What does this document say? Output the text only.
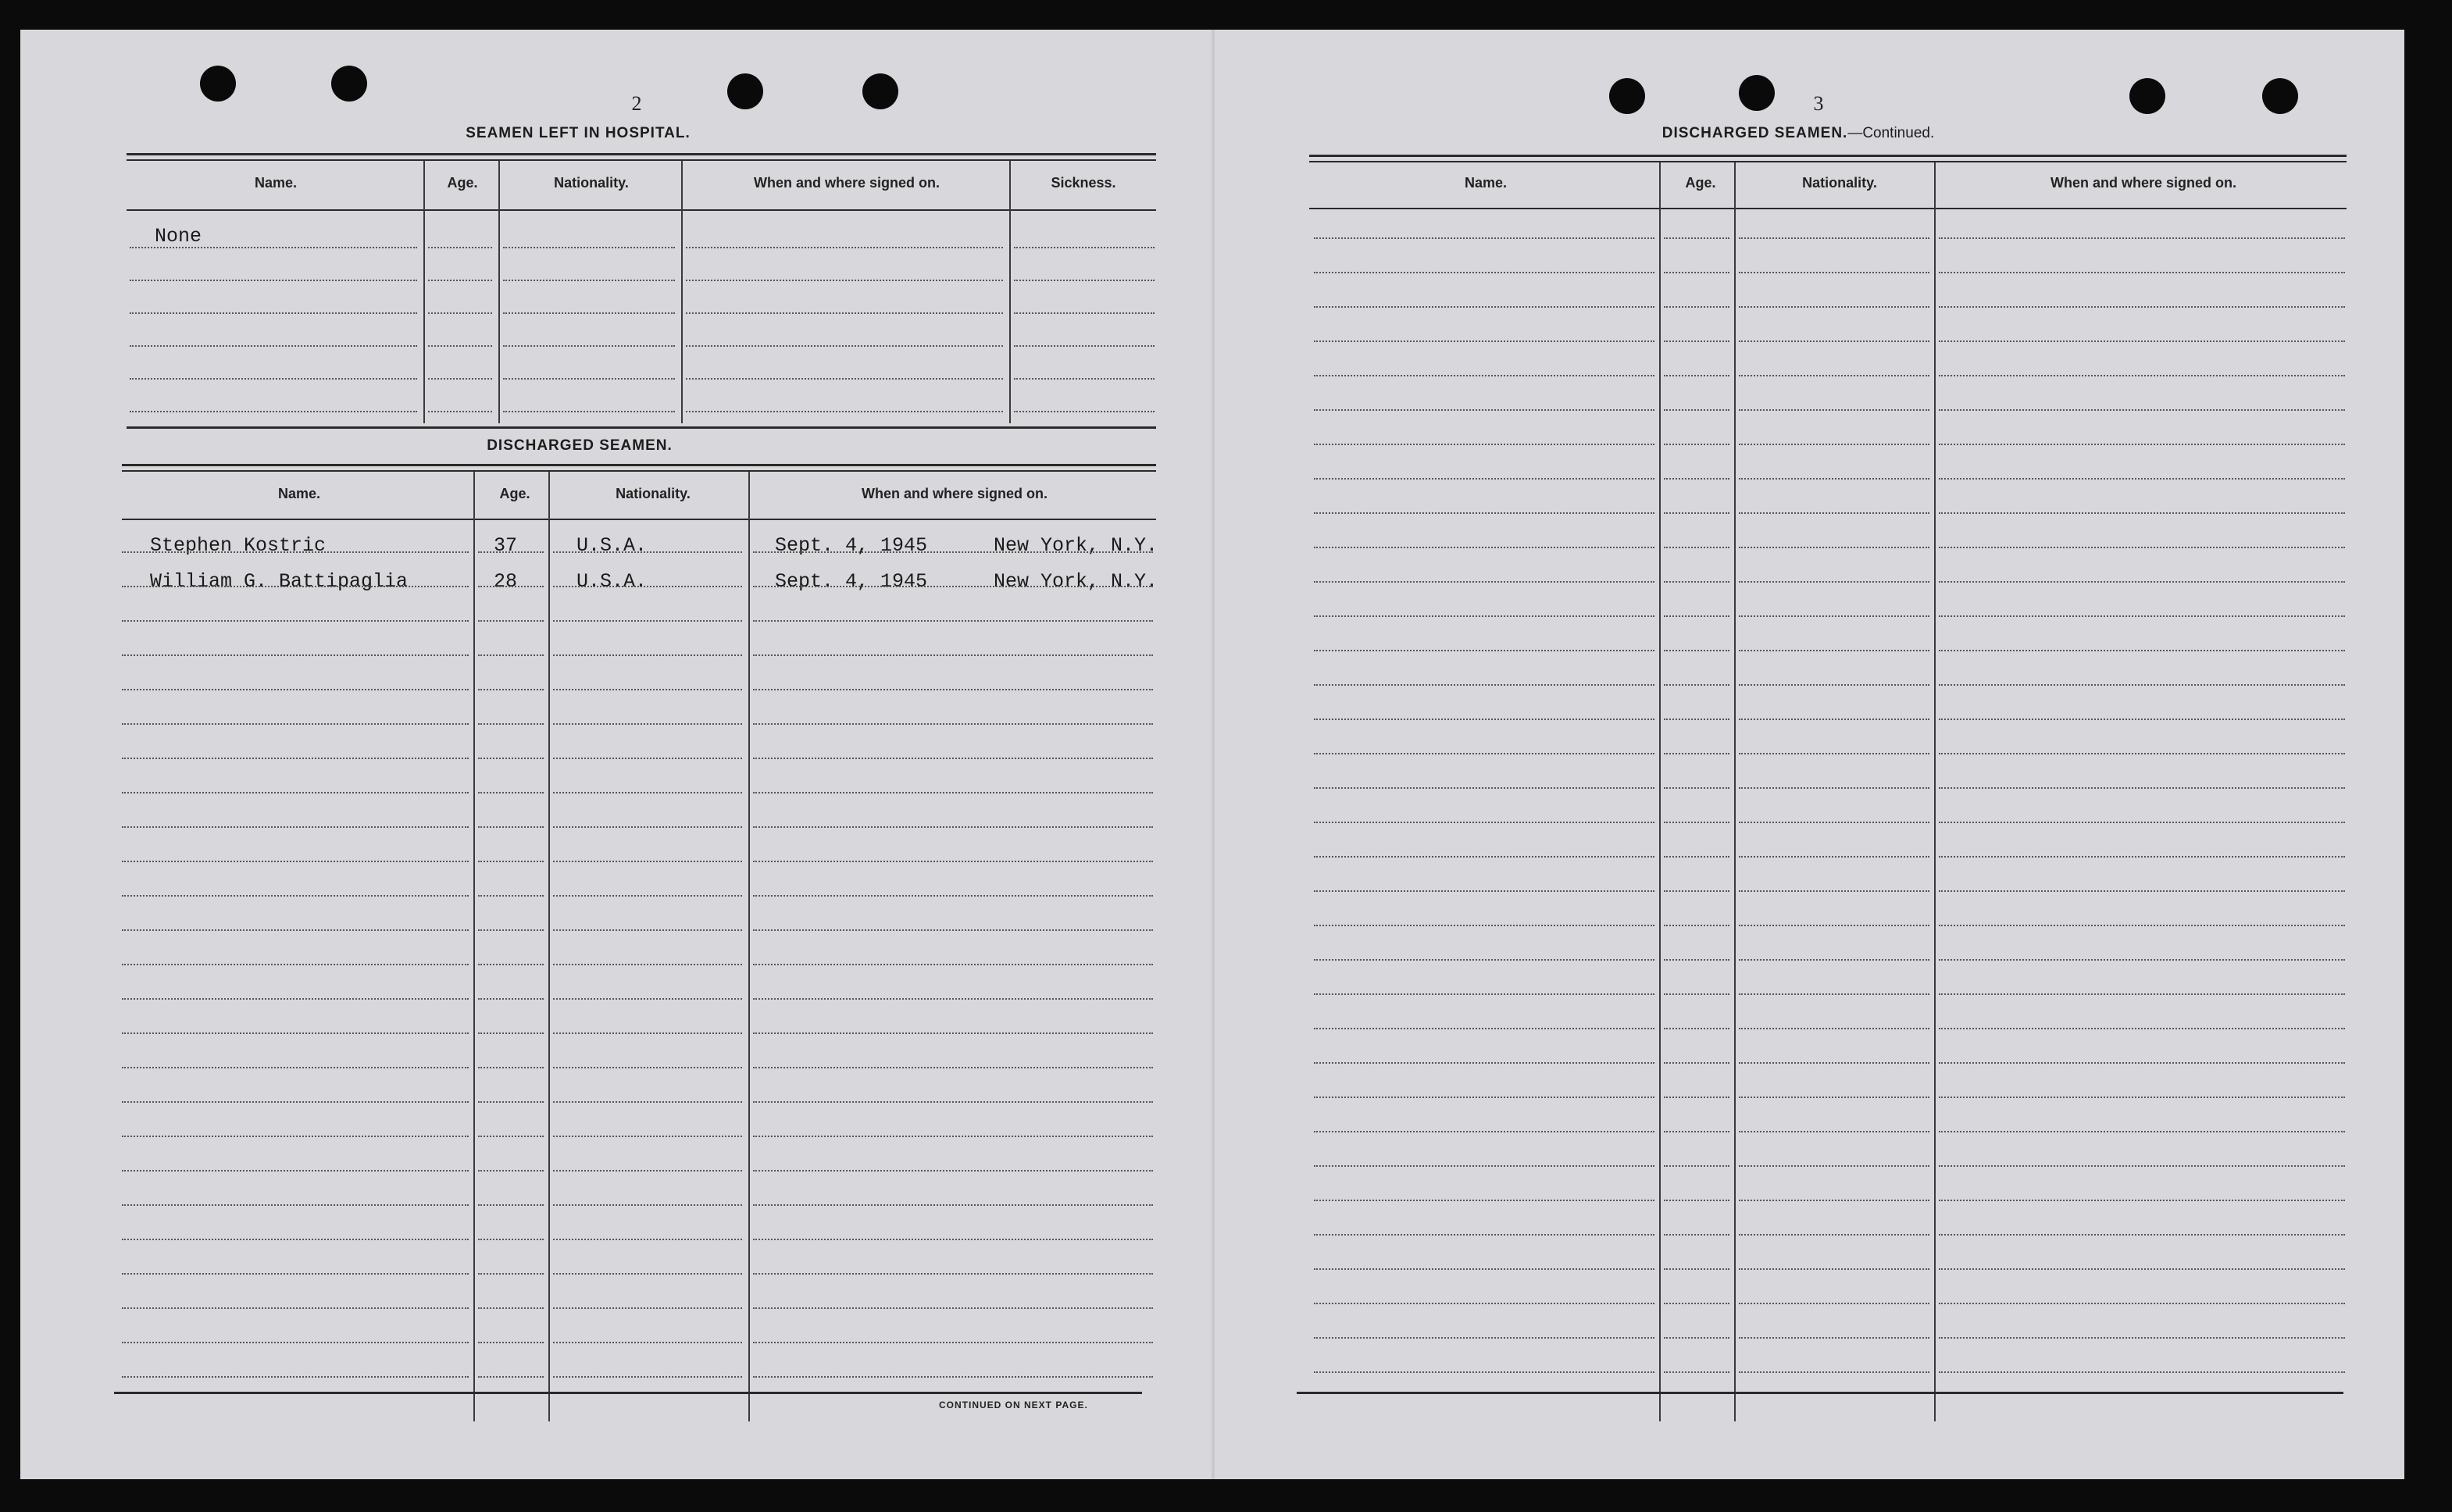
2
SEAMEN LEFT IN HOSPITAL.
Name.	Age.	Nationality.	When and where signed on.	Sickness.
None
DISCHARGED SEAMEN.
Name.	Age.	Nationality.	When and where signed on.
Stephen Kostric	37	U.S.A.	Sept. 4, 1945	New York, N.Y.
William G. Battipaglia	28	U.S.A.	Sept. 4, 1945	New York, N.Y.
CONTINUED ON NEXT PAGE.
3
DISCHARGED SEAMEN.—Continued.
Name.	Age.	Nationality.	When and where signed on.
